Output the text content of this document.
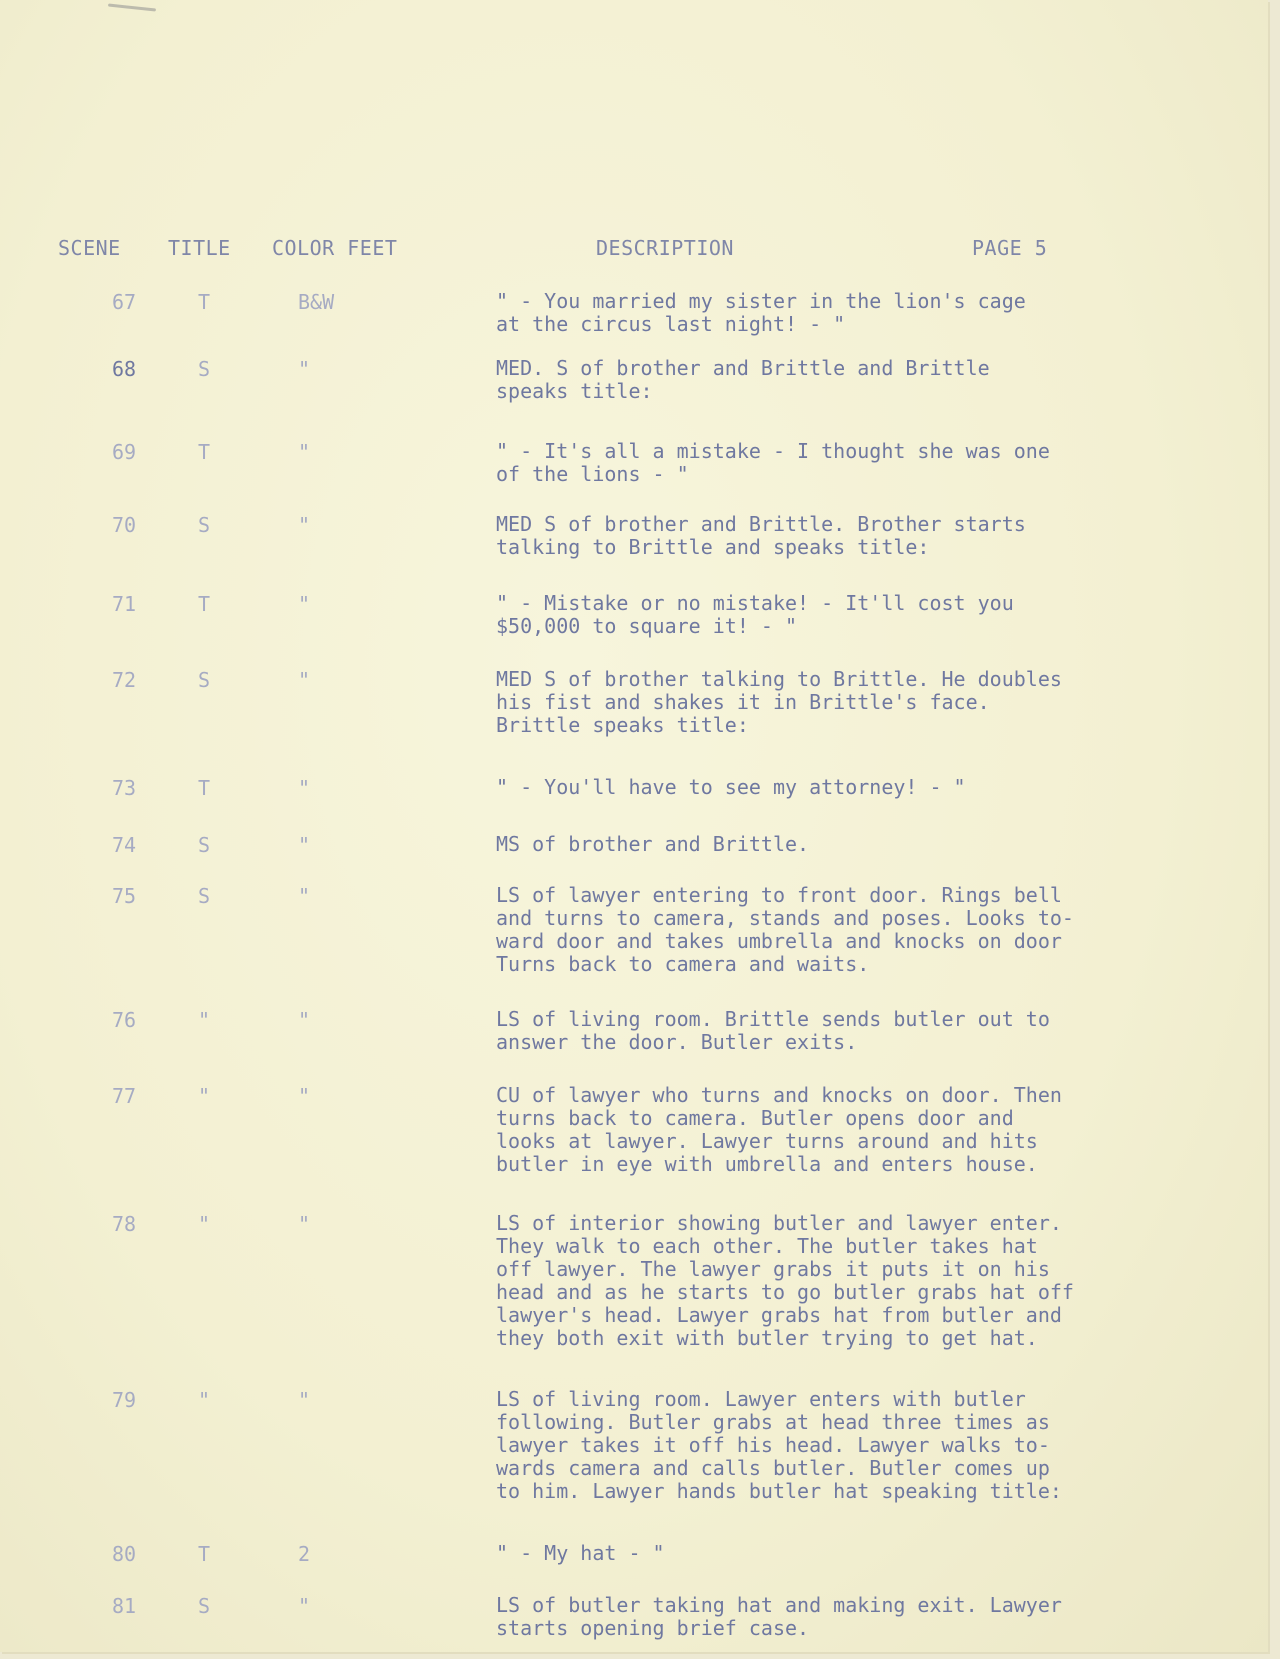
SCENE TITLE COLOR FEET	DESCRIPTION	PAGE 5
67	T	B&W	" - You married my sister in the lion's cage
at the circus last night! - "
68	S	"	MED. S of brother and Brittle and Brittle
speaks title:
69	T	"	" - It's all a mistake - I thought she was one
of the lions - "
70	S	"	MED S of brother and Brittle. Brother starts
talking to Brittle and speaks title:
71	T	"	" - Mistake or no mistake! - It'll cost you
$50,000 to square it! - "
72	S	"	MED S of brother talking to Brittle. He doubles
his fist and shakes it in Brittle's face.
Brittle speaks title:
73	T	"	" - You'll have to see my attorney! - "
74	S	"	MS of brother and Brittle.
75	S	"	LS of lawyer entering to front door. Rings bell
and turns to camera, stands and poses. Looks to-
ward door and takes umbrella and knocks on door
Turns back to camera and waits.
76	"	"	LS of living room. Brittle sends butler out to
answer the door. Butler exits.
77	"	"	CU of lawyer who turns and knocks on door. Then
turns back to camera. Butler opens door and
looks at lawyer. Lawyer turns around and hits
butler in eye with umbrella and enters house.
78	"	"	LS of interior showing butler and lawyer enter.
They walk to each other. The butler takes hat
off lawyer. The lawyer grabs it puts it on his
head and as he starts to go butler grabs hat off
lawyer's head. Lawyer grabs hat from butler and
they both exit with butler trying to get hat.
79	"	"	LS of living room. Lawyer enters with butler
following. Butler grabs at head three times as
lawyer takes it off his head. Lawyer walks to-
wards camera and calls butler. Butler comes up
to him. Lawyer hands butler hat speaking title:
80	T	2	" - My hat - "
81	S	"	LS of butler taking hat and making exit. Lawyer
starts opening brief case.
